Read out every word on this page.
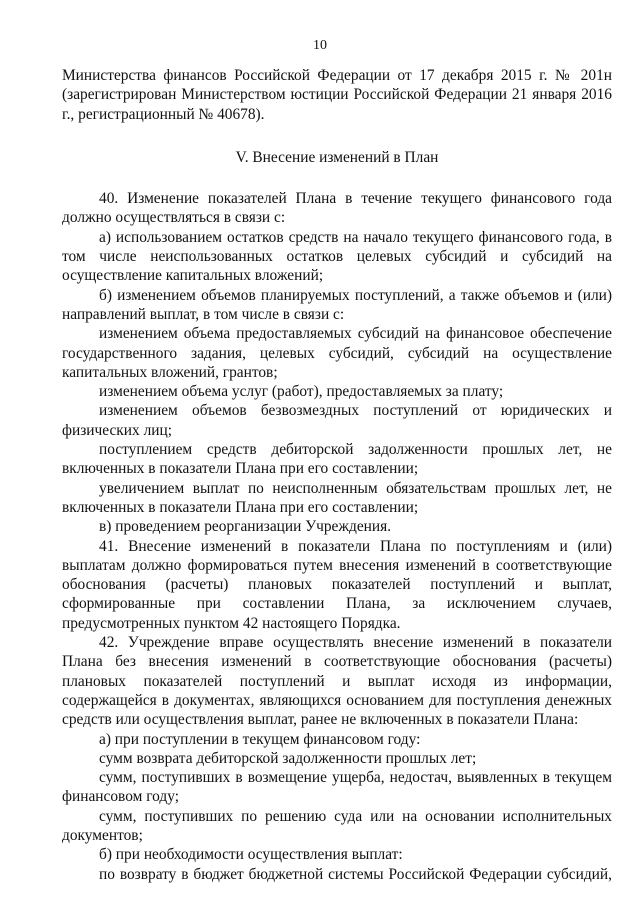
10

Министерства финансов Российской Федерации от 17 декабря 2015 г. № 201н (зарегистрирован Министерством юстиции Российской Федерации 21 января 2016 г., регистрационный № 40678).

V. Внесение изменений в План

40. Изменение показателей Плана в течение текущего финансового года должно осуществляться в связи с:

а) использованием остатков средств на начало текущего финансового года, в том числе неиспользованных остатков целевых субсидий и субсидий на осуществление капитальных вложений;

б) изменением объемов планируемых поступлений, а также объемов и (или) направлений выплат, в том числе в связи с:

изменением объема предоставляемых субсидий на финансовое обеспечение государственного задания, целевых субсидий, субсидий на осуществление капитальных вложений, грантов;

изменением объема услуг (работ), предоставляемых за плату;

изменением объемов безвозмездных поступлений от юридических и физических лиц;

поступлением средств дебиторской задолженности прошлых лет, не включенных в показатели Плана при его составлении;

увеличением выплат по неисполненным обязательствам прошлых лет, не включенных в показатели Плана при его составлении;

в) проведением реорганизации Учреждения.

41. Внесение изменений в показатели Плана по поступлениям и (или) выплатам должно формироваться путем внесения изменений в соответствующие обоснования (расчеты) плановых показателей поступлений и выплат, сформированные при составлении Плана, за исключением случаев, предусмотренных пунктом 42 настоящего Порядка.

42. Учреждение вправе осуществлять внесение изменений в показатели Плана без внесения изменений в соответствующие обоснования (расчеты) плановых показателей поступлений и выплат исходя из информации, содержащейся в документах, являющихся основанием для поступления денежных средств или осуществления выплат, ранее не включенных в показатели Плана:

а) при поступлении в текущем финансовом году:

сумм возврата дебиторской задолженности прошлых лет;

сумм, поступивших в возмещение ущерба, недостач, выявленных в текущем финансовом году;

сумм, поступивших по решению суда или на основании исполнительных документов;

б) при необходимости осуществления выплат:

по возврату в бюджет бюджетной системы Российской Федерации субсидий,
